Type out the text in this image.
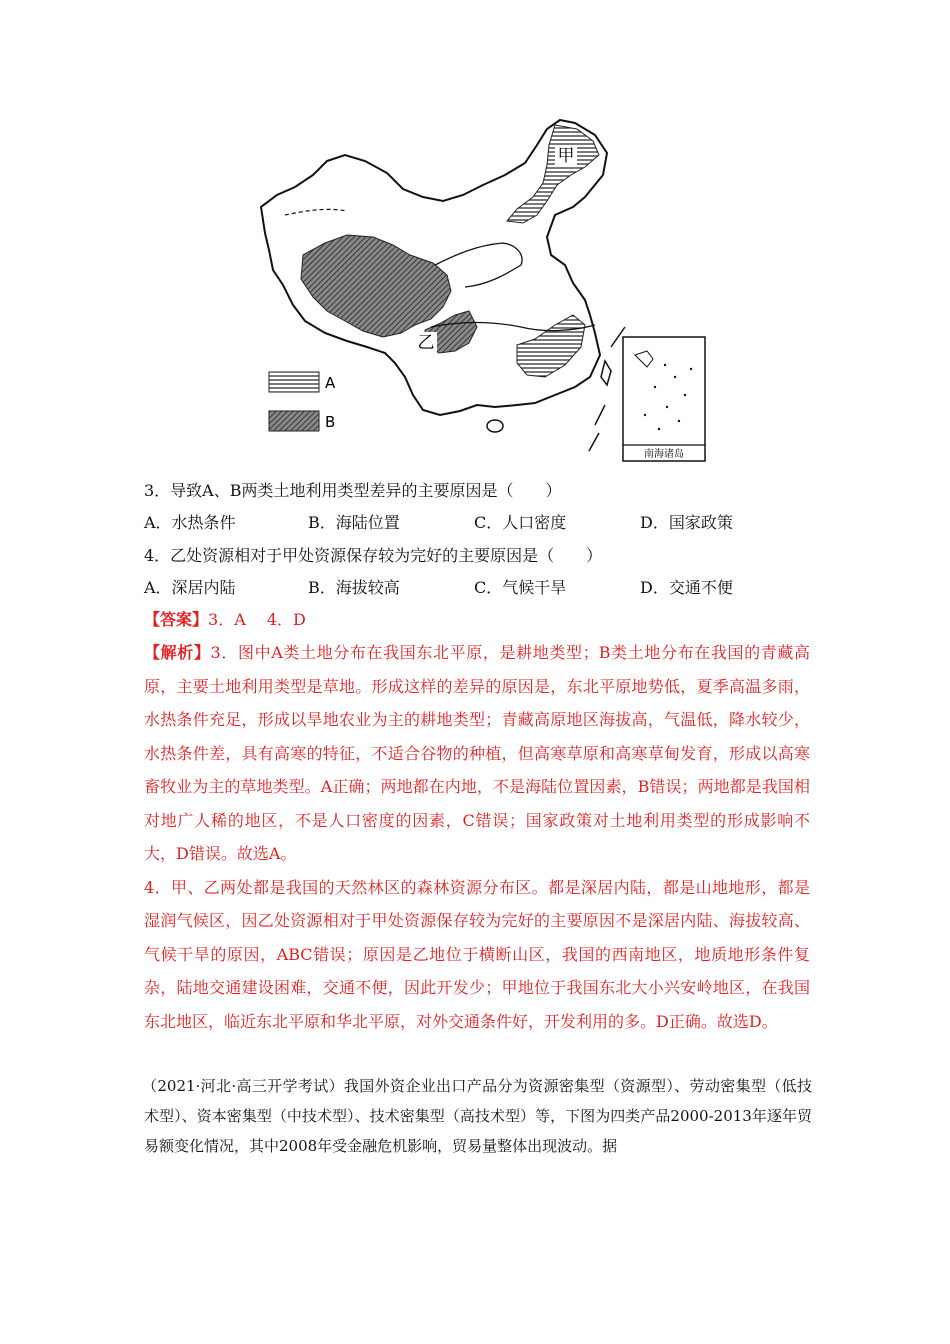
南海诸岛
甲
乙
A
B
3．导致A、B两类土地利用类型差异的主要原因是（　　）
A．水热条件	B．海陆位置	C．人口密度	D．国家政策
4．乙处资源相对于甲处资源保存较为完好的主要原因是（　　）
A．深居内陆	B．海拔较高	C．气候干旱	D．交通不便
【答案】3．A　 4．D

【解析】3．图中A类土地分布在我国东北平原，是耕地类型；B类土地分布在我国的青藏高原，主要土地利用类型是草地。形成这样的差异的原因是，东北平原地势低，夏季高温多雨，水热条件充足，形成以旱地农业为主的耕地类型；青藏高原地区海拔高，气温低，降水较少，水热条件差，具有高寒的特征，不适合谷物的种植，但高寒草原和高寒草甸发育，形成以高寒畜牧业为主的草地类型。A正确；两地都在内地，不是海陆位置因素，B错误；两地都是我国相对地广人稀的地区，不是人口密度的因素，C错误；国家政策对土地利用类型的形成影响不大，D错误。故选A。

4．甲、乙两处都是我国的天然林区的森林资源分布区。都是深居内陆，都是山地地形，都是湿润气候区，因乙处资源相对于甲处资源保存较为完好的主要原因不是深居内陆、海拔较高、气候干旱的原因，ABC错误；原因是乙地位于横断山区，我国的西南地区，地质地形条件复杂，陆地交通建设困难，交通不便，因此开发少；甲地位于我国东北大小兴安岭地区，在我国东北地区，临近东北平原和华北平原，对外交通条件好，开发利用的多。D正确。故选D。

（2021·河北·高三开学考试）我国外资企业出口产品分为资源密集型（资源型）、劳动密集型（低技术型）、资本密集型（中技术型）、技术密集型（高技术型）等，下图为四类产品2000-2013年逐年贸易额变化情况，其中2008年受金融危机影响，贸易量整体出现波动。据
